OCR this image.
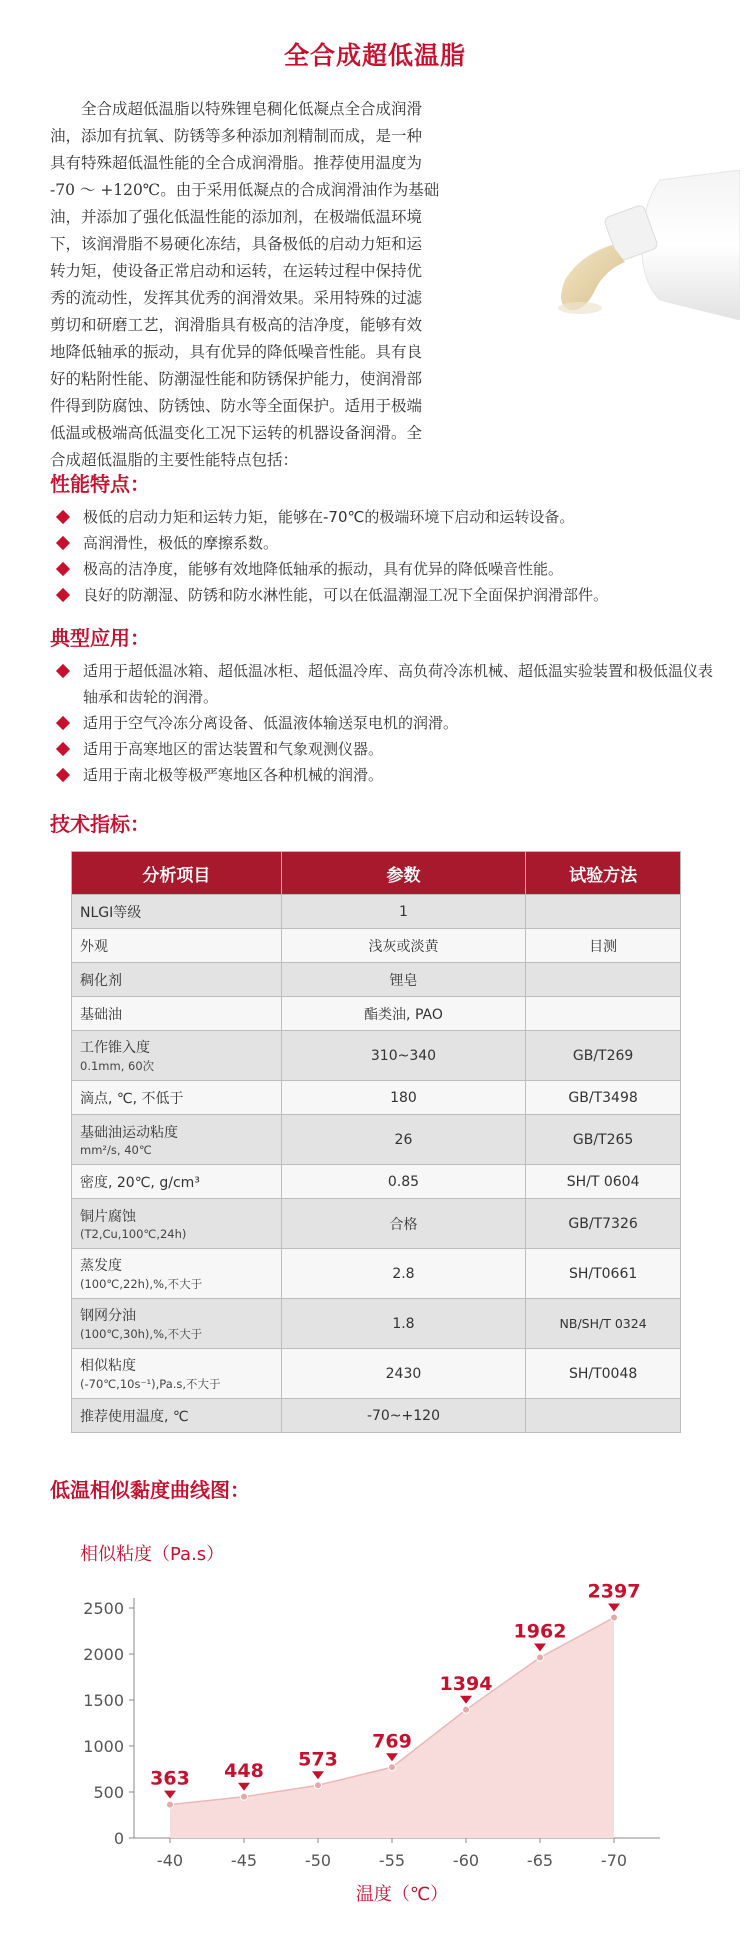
全合成超低温脂
　　全合成超低温脂以特殊锂皂稠化低凝点全合成润滑
油，添加有抗氧、防锈等多种添加剂精制而成，是一种
具有特殊超低温性能的全合成润滑脂。推荐使用温度为
-70 ～ +120℃。由于采用低凝点的合成润滑油作为基础
油，并添加了强化低温性能的添加剂，在极端低温环境
下，该润滑脂不易硬化冻结，具备极低的启动力矩和运
转力矩，使设备正常启动和运转，在运转过程中保持优
秀的流动性，发挥其优秀的润滑效果。采用特殊的过滤
剪切和研磨工艺，润滑脂具有极高的洁净度，能够有效
地降低轴承的振动，具有优异的降低噪音性能。具有良
好的粘附性能、防潮湿性能和防锈保护能力，使润滑部
件得到防腐蚀、防锈蚀、防水等全面保护。适用于极端
低温或极端高低温变化工况下运转的机器设备润滑。全
合成超低温脂的主要性能特点包括：
性能特点：
极低的启动力矩和运转力矩，能够在-70℃的极端环境下启动和运转设备。
高润滑性，极低的摩擦系数。
极高的洁净度，能够有效地降低轴承的振动，具有优异的降低噪音性能。
良好的防潮湿、防锈和防水淋性能，可以在低温潮湿工况下全面保护润滑部件。
典型应用：
适用于超低温冰箱、超低温冰柜、超低温冷库、高负荷冷冻机械、超低温实验装置和极低温仪表轴承和齿轮的润滑。
适用于空气冷冻分离设备、低温液体输送泵电机的润滑。
适用于高寒地区的雷达装置和气象观测仪器。
适用于南北极等极严寒地区各种机械的润滑。
技术指标：
分析项目	参数	试验方法

NLGI等级	1	

外观	浅灰或淡黄	目测

稠化剂	锂皂	

基础油	酯类油, PAO	

工作锥入度
0.1mm, 60次	310~340	GB/T269

滴点, ℃, 不低于	180	GB/T3498

基础油运动粘度
mm²/s, 40℃	26	GB/T265

密度, 20℃, g/cm³	0.85	SH/T 0604

铜片腐蚀
(T2,Cu,100℃,24h)	合格	GB/T7326

蒸发度
(100℃,22h),%,不大于	2.8	SH/T0661

钢网分油
(100℃,30h),%,不大于	1.8	NB/SH/T 0324

相似粘度
(-70℃,10s⁻¹),Pa.s,不大于	2430	SH/T0048

推荐使用温度, ℃	-70~+120	
低温相似黏度曲线图：
相似粘度（Pa.s）
0
500
1000
1500
2000
2500
363
-40
448
-45
573
-50
769
-55
1394
-60
1962
-65
2397
-70
温度（℃）
